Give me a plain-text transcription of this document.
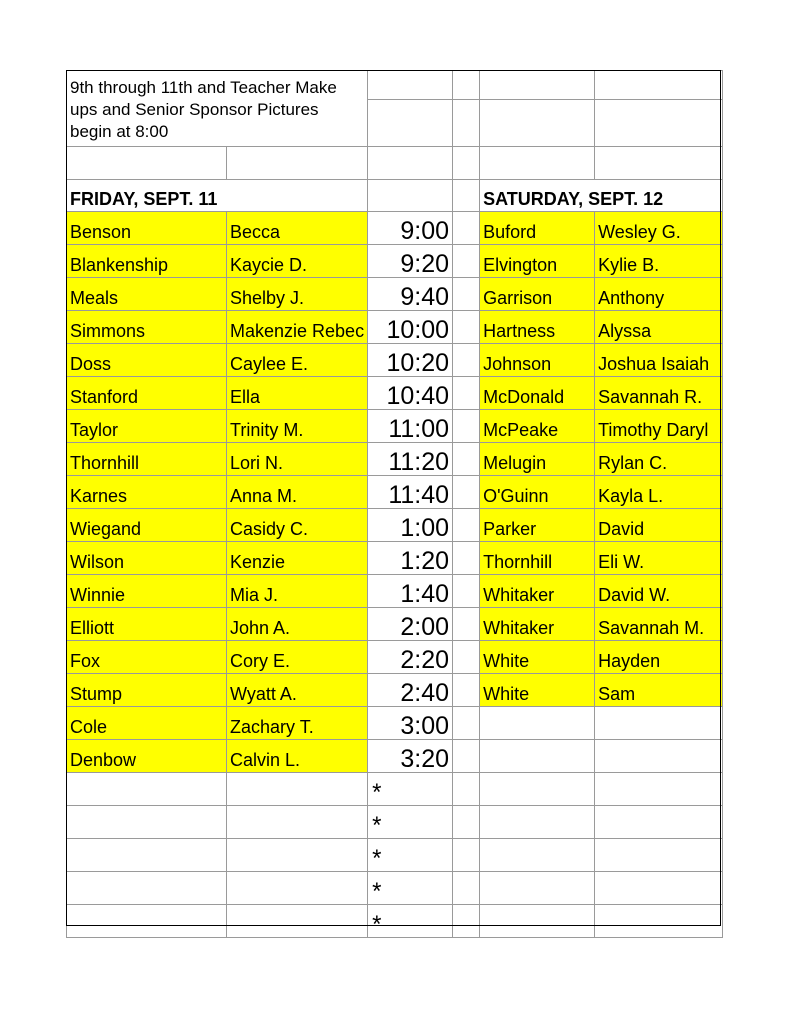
9th through 11th and Teacher Make ups and Senior Sponsor Pictures begin at 8:00					

FRIDAY, SEPT. 11				SATURDAY, SEPT. 12	
Benson	Becca	9:00		Buford	Wesley G.
Blankenship	Kaycie D.	9:20		Elvington	Kylie B.
Meals	Shelby J.	9:40		Garrison	Anthony
Simmons	Makenzie Rebec	10:00		Hartness	Alyssa
Doss	Caylee E.	10:20		Johnson	Joshua Isaiah
Stanford	Ella	10:40		McDonald	Savannah R.
Taylor	Trinity M.	11:00		McPeake	Timothy Daryl
Thornhill	Lori N.	11:20		Melugin	Rylan C.
Karnes	Anna M.	11:40		O'Guinn	Kayla L.
Wiegand	Casidy C.	1:00		Parker	David
Wilson	Kenzie	1:20		Thornhill	Eli W.
Winnie	Mia J.	1:40		Whitaker	David W.
Elliott	John A.	2:00		Whitaker	Savannah M.
Fox	Cory E.	2:20		White	Hayden
Stump	Wyatt A.	2:40		White	Sam
Cole	Zachary T.	3:00			
Denbow	Calvin L.	3:20			
		*			
		*			
		*			
		*			
		*			
